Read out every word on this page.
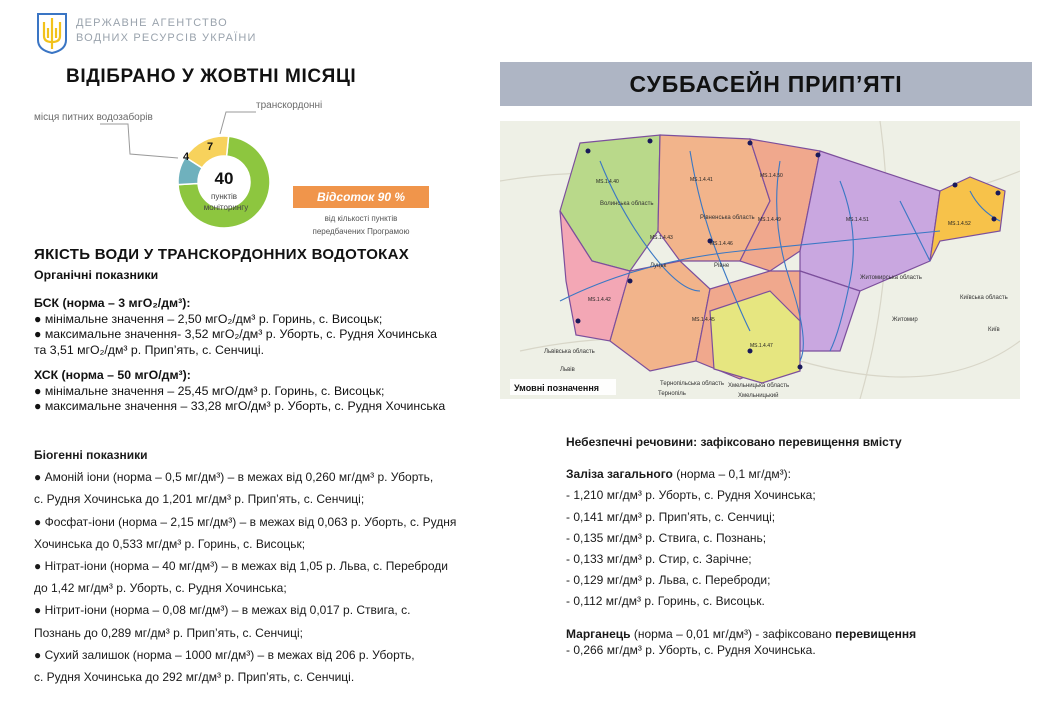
ДЕРЖАВНЕ АГЕНТСТВО
ВОДНИХ РЕСУРСІВ УКРАЇНИ
ВІДІБРАНО У ЖОВТНІ МІСЯЦІ
місця питних водозаборів
транскордонні
40
пунктів
моніторингу
4
7
Відсоток 90 %
від кількості пунктів
передбачених Програмою
ЯКІСТЬ ВОДИ У ТРАНСКОРДОННИХ ВОДОТОКАХ
Органічні показники
БСК (норма – 3 мгО₂/дм³):
● мінімальне значення – 2,50 мгО₂/дм³ р. Горинь, с. Висоцьк;
● максимальне значення- 3,52 мгО₂/дм³ р. Уборть, с. Рудня Хочинська
та 3,51 мгО₂/дм³ р. Прип’ять, с. Сенчиці.
ХСК (норма – 50 мгО/дм³):
● мінімальне значення – 25,45 мгО/дм³ р. Горинь, с. Висоцьк;
● максимальне значення – 33,28 мгО/дм³ р. Уборть, с. Рудня Хочинська
Біогенні показники
● Амоній іони (норма – 0,5 мг/дм³) – в межах від 0,260 мг/дм³ р. Уборть,
с. Рудня Хочинська до 1,201 мг/дм³ р. Прип’ять, с. Сенчиці;
● Фосфат-іони (норма – 2,15 мг/дм³) – в межах від 0,063 р. Уборть, с. Рудня
Хочинська до 0,533 мг/дм³ р. Горинь, с. Висоцьк;
● Нітрат-іони (норма – 40 мг/дм³) – в межах від 1,05 р. Льва, с. Переброди
до 1,42 мг/дм³ р. Уборть, с. Рудня Хочинська;
● Нітрит-іони (норма – 0,08 мг/дм³) – в межах від 0,017 р. Ствига, с.
Познань до 0,289 мг/дм³ р. Прип’ять, с. Сенчиці;
● Сухий залишок (норма – 1000 мг/дм³) – в межах від 206 р. Уборть,
с. Рудня Хочинська до 292 мг/дм³ р. Прип’ять, с. Сенчиці.
СУББАСЕЙН ПРИП’ЯТІ
Волинська область
Рівненська область
Житомирська область
Київська область
Львівська область
Тернопільська область Хмельницька область
Луцьк	Рівне
Житомир
Київ
Львів
Тернопіль	Хмельницький
MS.1.4.40	MS.1.4.41
MS.1.4.42
MS.1.4.43
MS.1.4.45
MS.1.4.46
MS.1.4.47
MS.1.4.49
MS.1.4.50
MS.1.4.51
MS.1.4.52
Умовні позначення
Небезпечні речовини: зафіксовано перевищення вмісту
Заліза загального (норма – 0,1 мг/дм³):
- 1,210 мг/дм³ р. Уборть, с. Рудня Хочинська;
- 0,141 мг/дм³ р. Прип’ять, с. Сенчиці;
- 0,135 мг/дм³ р. Ствига, с. Познань;
- 0,133 мг/дм³ р. Стир, с. Зарічне;
- 0,129 мг/дм³ р. Льва, с. Переброди;
- 0,112 мг/дм³ р. Горинь, с. Висоцьк.
Марганець (норма – 0,01 мг/дм³) - зафіксовано перевищення
- 0,266 мг/дм³ р. Уборть, с. Рудня Хочинська.
